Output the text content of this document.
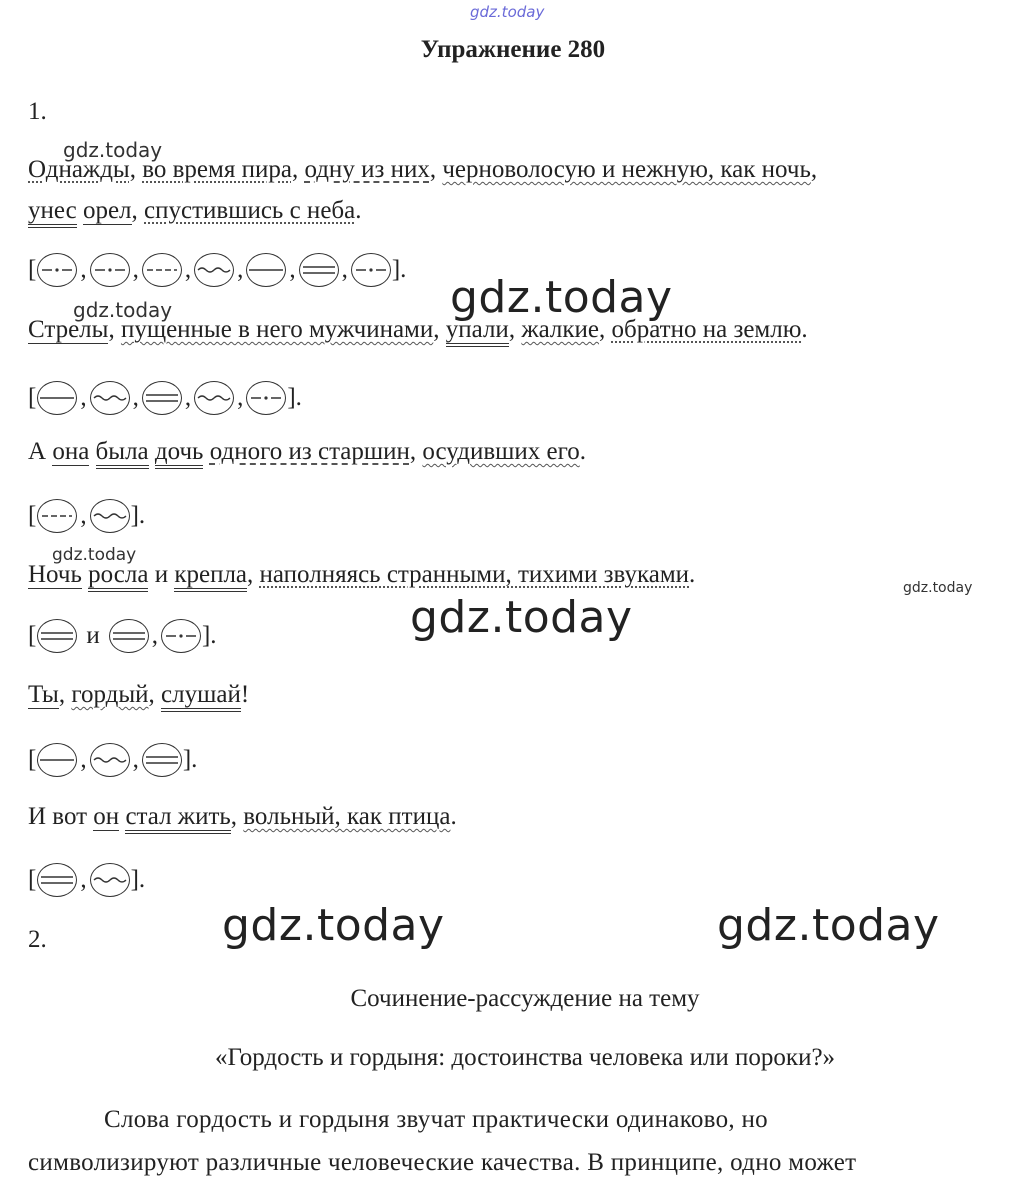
gdz.today
gdz.today
gdz.today
gdz.today
gdz.today
gdz.today
gdz.today
gdz.today	gdz.today
Упражнение 280
1.
Однажды, во время пира, одну из них, черноволосую и нежную, как ночь,
унес орел, спустившись с неба.
[ , , , , , , ].
Стрелы, пущенные в него мужчинами, упали, жалкие, обратно на землю.
[ , , , , ].
А она была дочь одного из старшин, осудивших его.
[ , ].
Ночь росла и крепла, наполняясь странными, тихими звуками.
[ и , ].
Ты, гордый, слушай!
[ , , ].
И вот он стал жить, вольный, как птица.
[ , ].
2.
Сочинение-рассуждение на тему
«Гордость и гордыня: достоинства человека или пороки?»
Слова гордость и гордыня звучат практически одинаково, но
символизируют различные человеческие качества. В принципе, одно может
